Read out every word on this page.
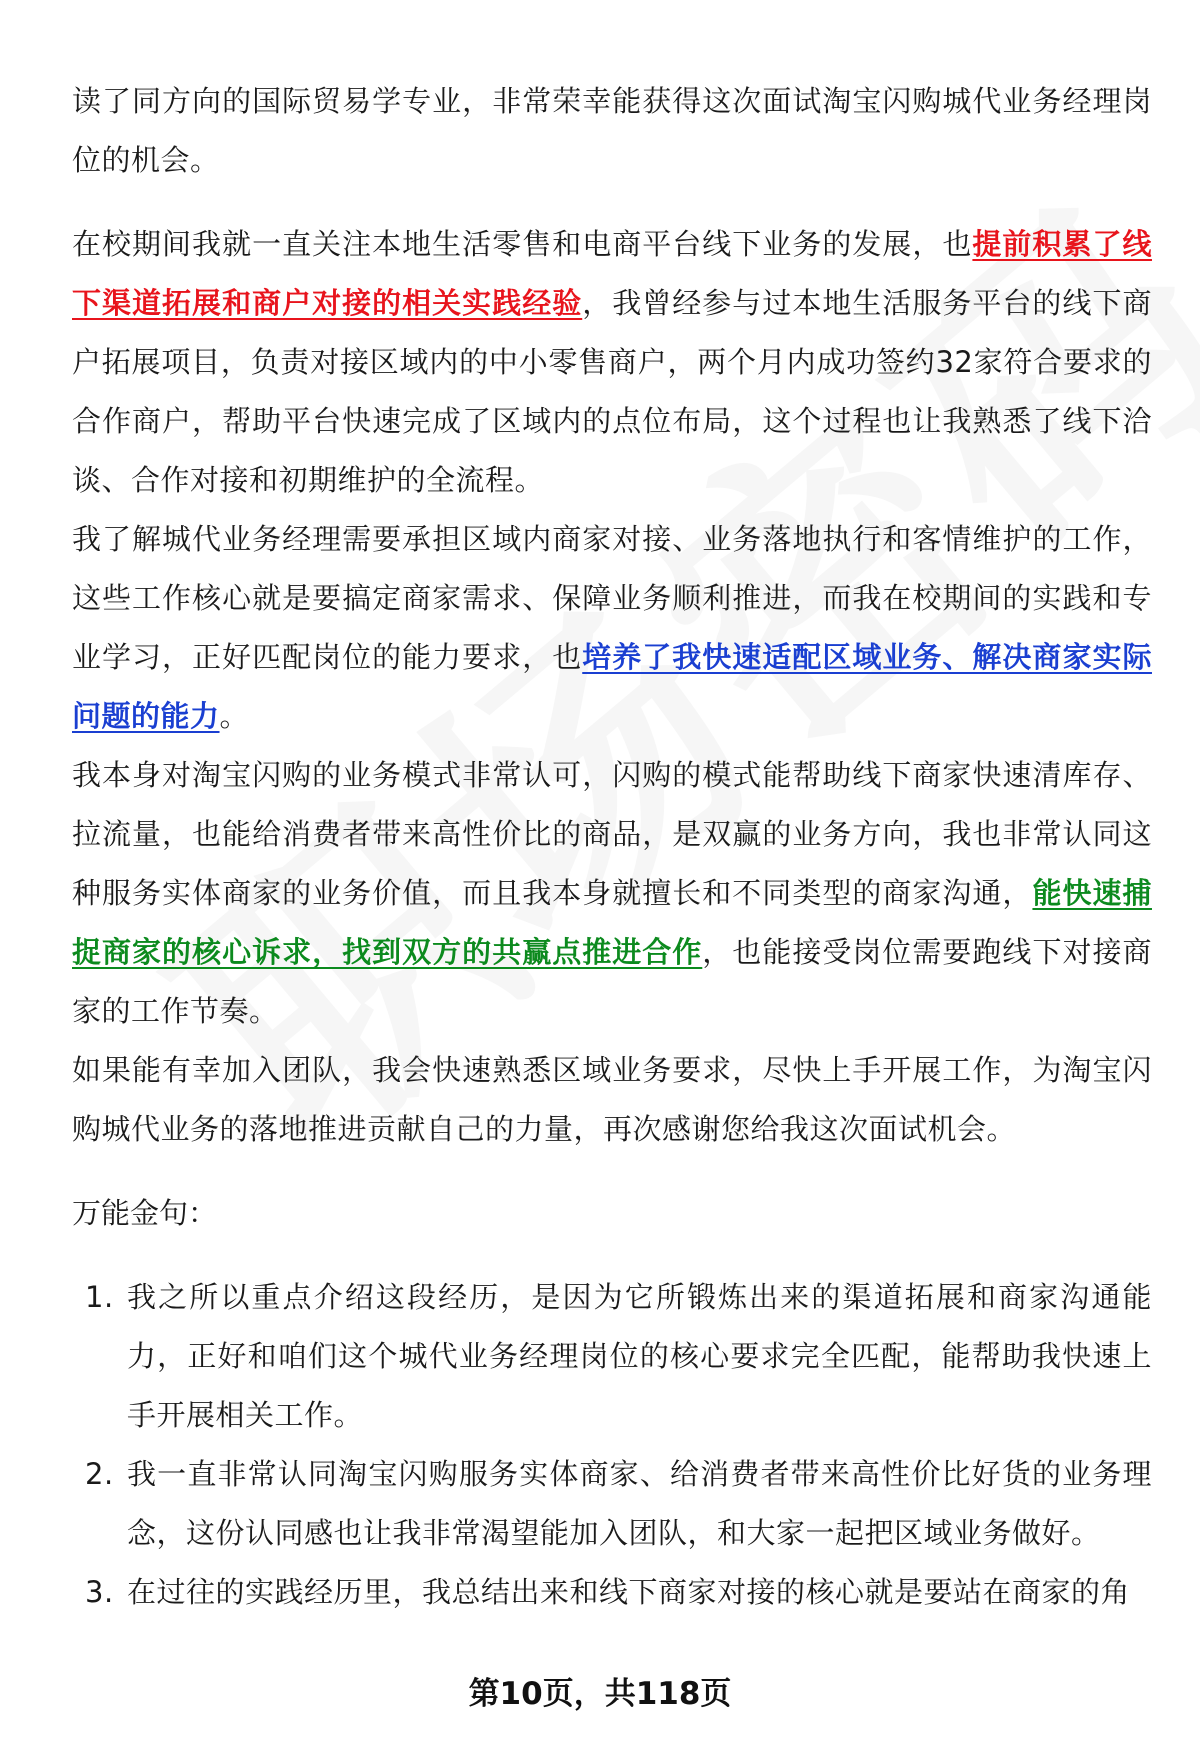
读了同方向的国际贸易学专业，非常荣幸能获得这次面试淘宝闪购城代业务经理岗位的机会。

在校期间我就一直关注本地生活零售和电商平台线下业务的发展，也提前积累了线下渠道拓展和商户对接的相关实践经验，我曾经参与过本地生活服务平台的线下商户拓展项目，负责对接区域内的中小零售商户，两个月内成功签约32家符合要求的合作商户，帮助平台快速完成了区域内的点位布局，这个过程也让我熟悉了线下洽谈、合作对接和初期维护的全流程。

我了解城代业务经理需要承担区域内商家对接、业务落地执行和客情维护的工作，这些工作核心就是要搞定商家需求、保障业务顺利推进，而我在校期间的实践和专业学习，正好匹配岗位的能力要求，也培养了我快速适配区域业务、解决商家实际问题的能力。

我本身对淘宝闪购的业务模式非常认可，闪购的模式能帮助线下商家快速清库存、拉流量，也能给消费者带来高性价比的商品，是双赢的业务方向，我也非常认同这种服务实体商家的业务价值，而且我本身就擅长和不同类型的商家沟通，能快速捕捉商家的核心诉求，找到双方的共赢点推进合作，也能接受岗位需要跑线下对接商家的工作节奏。

如果能有幸加入团队，我会快速熟悉区域业务要求，尽快上手开展工作，为淘宝闪购城代业务的落地推进贡献自己的力量，再次感谢您给我这次面试机会。

万能金句：

1. 我之所以重点介绍这段经历，是因为它所锻炼出来的渠道拓展和商家沟通能力，正好和咱们这个城代业务经理岗位的核心要求完全匹配，能帮助我快速上手开展相关工作。
2. 我一直非常认同淘宝闪购服务实体商家、给消费者带来高性价比好货的业务理念，这份认同感也让我非常渴望能加入团队，和大家一起把区域业务做好。
3. 在过往的实践经历里，我总结出来和线下商家对接的核心就是要站在商家的角
第10页，共118页
